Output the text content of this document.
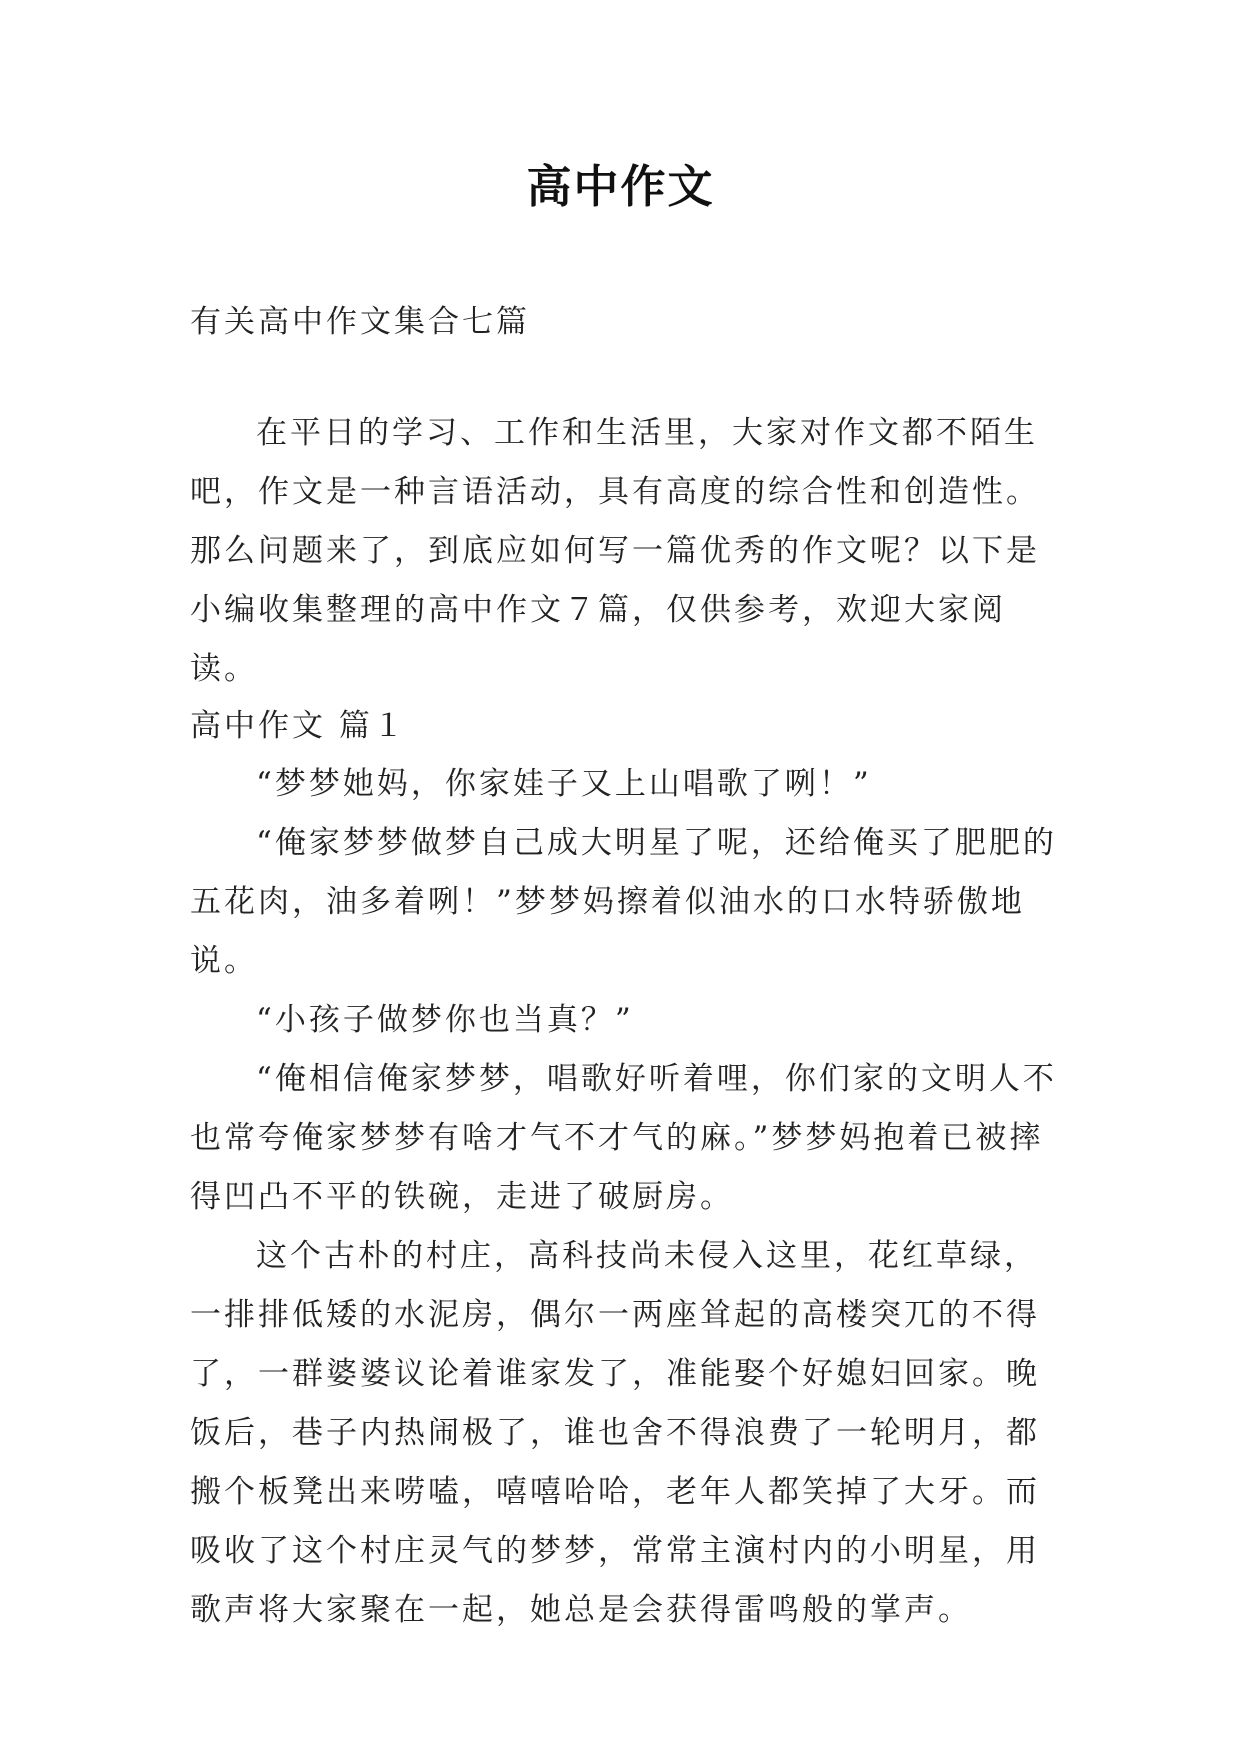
高中作文
有关高中作文集合七篇

在平日的学习、工作和生活里，大家对作文都不陌生吧，作文是一种言语活动，具有高度的综合性和创造性。那么问题来了，到底应如何写一篇优秀的作文呢？以下是小编收集整理的高中作文７篇，仅供参考，欢迎大家阅读。

高中作文 篇１

“梦梦她妈，你家娃子又上山唱歌了咧！”

“俺家梦梦做梦自己成大明星了呢，还给俺买了肥肥的五花肉，油多着咧！”梦梦妈擦着似油水的口水特骄傲地说。

“小孩子做梦你也当真？”

“俺相信俺家梦梦，唱歌好听着哩，你们家的文明人不也常夸俺家梦梦有啥才气不才气的麻。”梦梦妈抱着已被摔得凹凸不平的铁碗，走进了破厨房。

这个古朴的村庄，高科技尚未侵入这里，花红草绿，一排排低矮的水泥房，偶尔一两座耸起的高楼突兀的不得了，一群婆婆议论着谁家发了，准能娶个好媳妇回家。晚饭后，巷子内热闹极了，谁也舍不得浪费了一轮明月，都搬个板凳出来唠嗑，嘻嘻哈哈，老年人都笑掉了大牙。而吸收了这个村庄灵气的梦梦，常常主演村内的小明星，用歌声将大家聚在一起，她总是会获得雷鸣般的掌声。
